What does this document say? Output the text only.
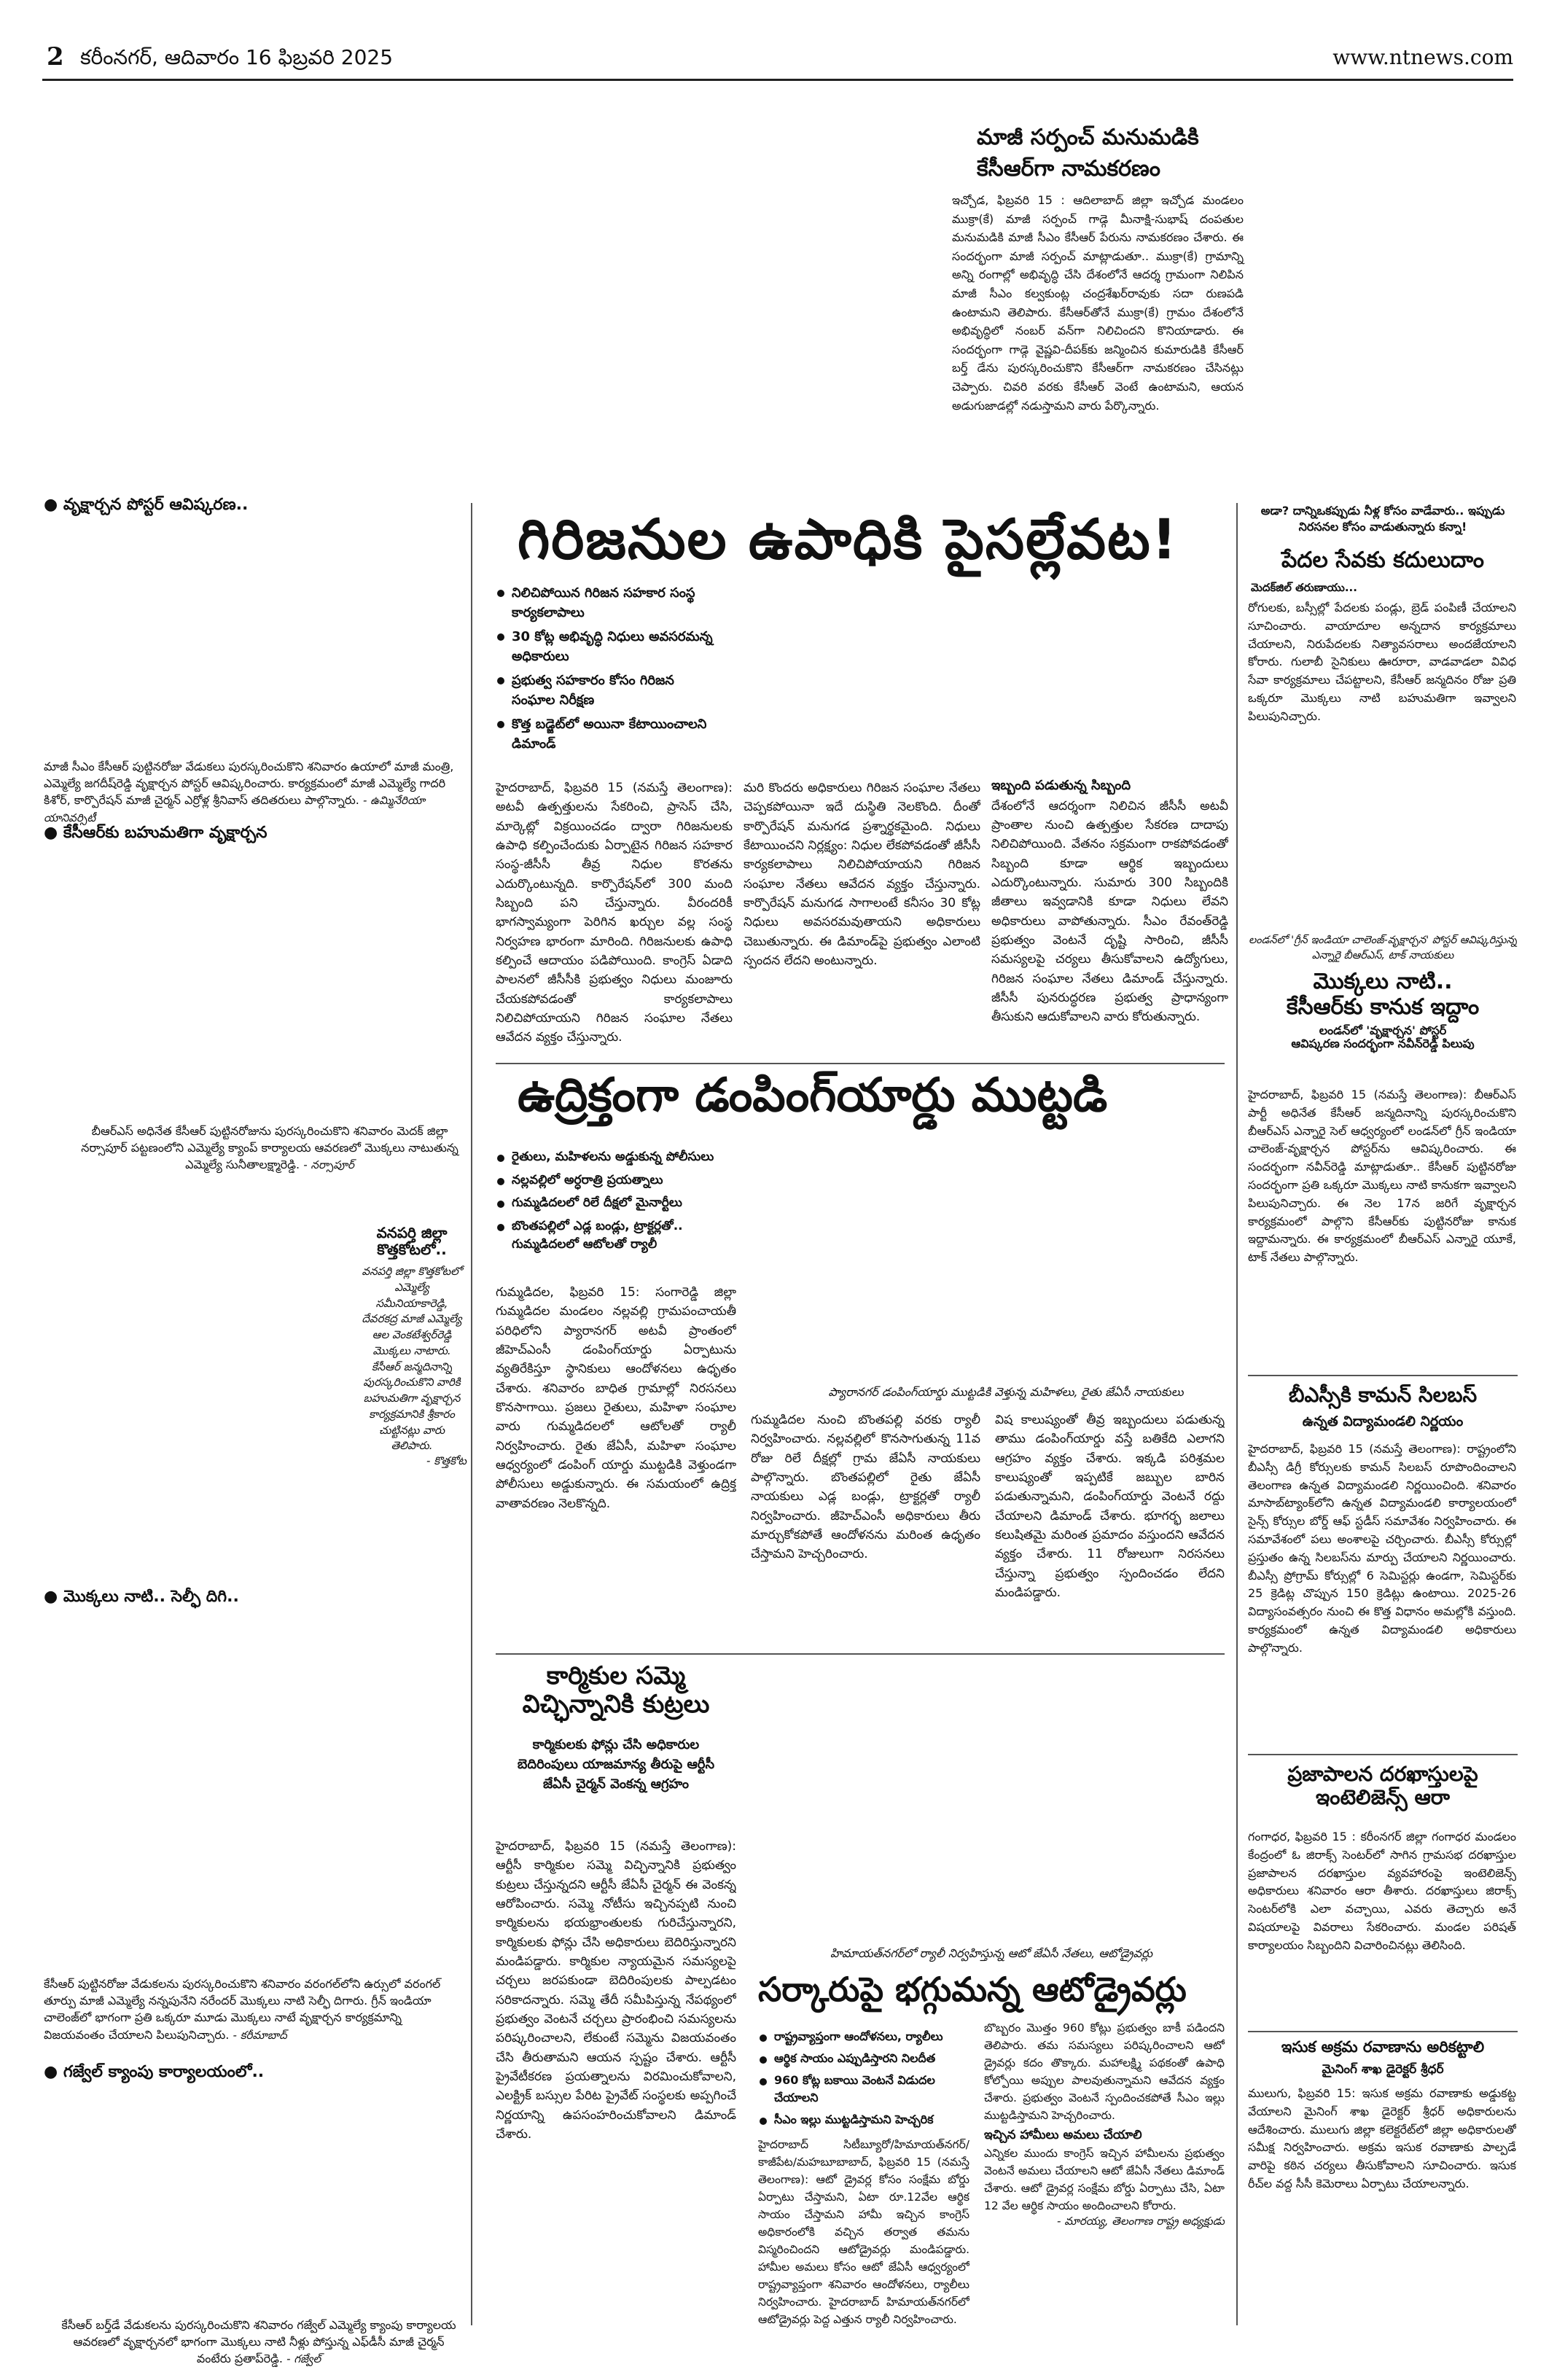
2 కరీంనగర్, ఆదివారం 16 ఫిబ్రవరి 2025	www.ntnews.com
మాజీ సర్పంచ్ మనుమడికి
కేసీఆర్‌గా నామకరణం
ఇచ్చోడ, ఫిబ్రవరి 15 : ఆదిలాబాద్ జిల్లా ఇచ్చోడ మండలం ముక్రా(కే) మాజీ సర్పంచ్ గాడ్గె మీనాక్షి-సుభాష్ దంపతుల మనుమడికి మాజీ సీఎం కేసీఆర్ పేరును నామకరణం చేశారు. ఈ సందర్భంగా మాజీ సర్పంచ్ మాట్లాడుతూ.. ముక్రా(కే) గ్రామాన్ని అన్ని రంగాల్లో అభివృద్ధి చేసి దేశంలోనే ఆదర్శ గ్రామంగా నిలిపిన మాజీ సీఎం కల్వకుంట్ల చంద్రశేఖర్‌రావుకు సదా రుణపడి ఉంటామని తెలిపారు. కేసీఆర్‌తోనే ముక్రా(కే) గ్రామం దేశంలోనే అభివృద్ధిలో నంబర్ వన్‌గా నిలిచిందని కొనియాడారు. ఈ సందర్భంగా గాడ్గె వైష్ణవి-దీపక్‌కు జన్మించిన కుమారుడికి కేసీఆర్ బర్త్ డేను పురస్కరించుకొని కేసీఆర్‌గా నామకరణం చేసినట్లు చెప్పారు. చివరి వరకు కేసీఆర్ వెంటే ఉంటామని, ఆయన అడుగుజాడల్లో నడుస్తామని వారు పేర్కొన్నారు.
● వృక్షార్చన పోస్టర్ ఆవిష్కరణ..
మాజీ సీఎం కేసీఆర్ పుట్టినరోజు వేడుకలు పురస్కరించుకొని శనివారం ఉయాలో మాజీ మంత్రి, ఎమ్మెల్యే జగదీష్‌రెడ్డి వృక్షార్చన పోస్టర్ ఆవిష్కరించారు. కార్యక్రమంలో మాజీ ఎమ్మెల్యే గాదరి కిశోర్, కార్పొరేషన్ మాజీ చైర్మన్ ఎర్రోళ్ల శ్రీనివాస్ తదితరులు పాల్గొన్నారు. - ఉమ్మినేరియా యానివర్సిటీ
● కేసీఆర్‌కు బహుమతిగా వృక్షార్చన
బీఆర్‌ఎస్ అధినేత కేసీఆర్ పుట్టినరోజును పురస్కరించుకొని శనివారం మెదక్ జిల్లా నర్సాపూర్ పట్టణంలోని ఎమ్మెల్యే క్యాంప్ కార్యాలయ ఆవరణలో మొక్కలు నాటుతున్న ఎమ్మెల్యే సునీతాలక్ష్మారెడ్డి. - నర్సాపూర్
వనపర్తి జిల్లా
కొత్తకోటలో..
వనపర్తి జిల్లా కొత్తకోటలో ఎమ్మెల్యే సమీనియాకారెడ్డి, దేవరకద్ర మాజీ ఎమ్మెల్యే ఆల వెంకటేశ్వర్‌రెడ్డి మొక్కలు నాటారు. కేసీఆర్ జన్మదినాన్ని పురస్కరించుకొని వారికి బహుమతిగా వృక్షార్చన కార్యక్రమానికి శ్రీకారం చుట్టినట్లు వారు తెలిపారు.
- కొత్తకోట
● మొక్కలు నాటి.. సెల్ఫీ దిగి..
కేసీఆర్ పుట్టినరోజు వేడుకలను పురస్కరించుకొని శనివారం వరంగల్‌లోని ఉర్సులో వరంగల్ తూర్పు మాజీ ఎమ్మెల్యే నన్నపునేని నరేందర్ మొక్కలు నాటి సెల్ఫీ దిగారు. గ్రీన్ ఇండియా చాలెంజ్‌లో భాగంగా ప్రతి ఒక్కరూ మూడు మొక్కలు నాటే వృక్షార్చన కార్యక్రమాన్ని విజయవంతం చేయాలని పిలుపునిచ్చారు. - కరీమాబాద్
● గజ్వేల్ క్యాంపు కార్యాలయంలో..
కేసీఆర్ బర్త్‌డే వేడుకలను పురస్కరించుకొని శనివారం గజ్వేల్ ఎమ్మెల్యే క్యాంపు కార్యాలయ ఆవరణలో వృక్షార్చనలో భాగంగా మొక్కలు నాటి నీళ్లు పోస్తున్న ఎఫ్‌డీసీ మాజీ చైర్మన్ వంటేరు ప్రతాప్‌రెడ్డి. - గజ్వేల్
గిరిజనుల ఉపాధికి పైసల్లేవట!
నిలిచిపోయిన గిరిజన సహకార సంస్థ కార్యకలాపాలు
30 కోట్ల అభివృద్ధి నిధులు అవసరమన్న అధికారులు
ప్రభుత్వ సహకారం కోసం గిరిజన సంఘాల నిరీక్షణ
కొత్త బడ్జెట్‌లో అయినా కేటాయించాలని డిమాండ్
హైదరాబాద్, ఫిబ్రవరి 15 (నమస్తే తెలంగాణ): అటవీ ఉత్పత్తులను సేకరించి, ప్రాసెస్ చేసి, మార్కెట్లో విక్రయించడం ద్వారా గిరిజనులకు ఉపాధి కల్పించేందుకు ఏర్పాటైన గిరిజన సహకార సంస్థ-జీసీసీ తీవ్ర నిధుల కొరతను ఎదుర్కొంటున్నది. కార్పొరేషన్‌లో 300 మంది సిబ్బంది పని చేస్తున్నారు. వీరందరికీ భాగస్వామ్యంగా పెరిగిన ఖర్చుల వల్ల సంస్థ నిర్వహణ భారంగా మారింది. గిరిజనులకు ఉపాధి కల్పించే ఆదాయం పడిపోయింది. కాంగ్రెస్ ఏడాది పాలనలో జీసీసీకి ప్రభుత్వం నిధులు మంజూరు చేయకపోవడంతో కార్యకలాపాలు నిలిచిపోయాయని గిరిజన సంఘాల నేతలు ఆవేదన వ్యక్తం చేస్తున్నారు.
మరి కొందరు అధికారులు గిరిజన సంఘాల నేతలు చెప్పకపోయినా ఇదే దుస్థితి నెలకొంది. దీంతో కార్పొరేషన్ మనుగడ ప్రశ్నార్థకమైంది. నిధులు కేటాయించని నిర్లక్ష్యం: నిధుల లేకపోవడంతో జీసీసీ కార్యకలాపాలు నిలిచిపోయాయని గిరిజన సంఘాల నేతలు ఆవేదన వ్యక్తం చేస్తున్నారు. కార్పొరేషన్ మనుగడ సాగాలంటే కనీసం 30 కోట్ల నిధులు అవసరమవుతాయని అధికారులు చెబుతున్నారు. ఈ డిమాండ్‌పై ప్రభుత్వం ఎలాంటి స్పందన లేదని అంటున్నారు.
ఇబ్బంది పడుతున్న సిబ్బంది
దేశంలోనే ఆదర్శంగా నిలిచిన జీసీసీ అటవీ ప్రాంతాల నుంచి ఉత్పత్తుల సేకరణ దాదాపు నిలిచిపోయింది. వేతనం సక్రమంగా రాకపోవడంతో సిబ్బంది కూడా ఆర్థిక ఇబ్బందులు ఎదుర్కొంటున్నారు. సుమారు 300 సిబ్బందికి జీతాలు ఇవ్వడానికి కూడా నిధులు లేవని అధికారులు వాపోతున్నారు. సీఎం రేవంత్‌రెడ్డి ప్రభుత్వం వెంటనే దృష్టి సారించి, జీసీసీ సమస్యలపై చర్యలు తీసుకోవాలని ఉద్యోగులు, గిరిజన సంఘాల నేతలు డిమాండ్ చేస్తున్నారు. జీసీసీ పునరుద్ధరణ ప్రభుత్వ ప్రాధాన్యంగా తీసుకుని ఆదుకోవాలని వారు కోరుతున్నారు.
ఉద్రిక్తంగా డంపింగ్‌యార్డు ముట్టడి
రైతులు, మహిళలను అడ్డుకున్న పోలీసులు
నల్లవల్లిలో అర్ధరాత్రి ప్రయత్నాలు
గుమ్మడిదలలో రిలే దీక్షలో మైనార్టీలు
బొంతపల్లిలో ఎడ్ల బండ్లు, ట్రాక్టర్లతో.. గుమ్మడిదలలో ఆటోలతో ర్యాలీ
ప్యారానగర్ డంపింగ్‌యార్డు ముట్టడికి వెళ్తున్న మహిళలు, రైతు జేఏసీ నాయకులు
గుమ్మడిదల, ఫిబ్రవరి 15: సంగారెడ్డి జిల్లా గుమ్మడిదల మండలం నల్లవల్లి గ్రామపంచాయతీ పరిధిలోని ప్యారానగర్ అటవీ ప్రాంతంలో జీహెచ్‌ఎంసీ డంపింగ్‌యార్డు ఏర్పాటును వ్యతిరేకిస్తూ స్థానికులు ఆందోళనలు ఉధృతం చేశారు. శనివారం బాధిత గ్రామాల్లో నిరసనలు కొనసాగాయి. ప్రజలు రైతులు, మహిళా సంఘాల వారు గుమ్మడిదలలో ఆటోలతో ర్యాలీ నిర్వహించారు. రైతు జేఏసీ, మహిళా సంఘాల ఆధ్వర్యంలో డంపింగ్ యార్డు ముట్టడికి వెళ్తుండగా పోలీసులు అడ్డుకున్నారు. ఈ సమయంలో ఉద్రిక్త వాతావరణం నెలకొన్నది.
గుమ్మడిదల నుంచి బొంతపల్లి వరకు ర్యాలీ నిర్వహించారు. నల్లవల్లిలో కొనసాగుతున్న 11వ రోజు రిలే దీక్షల్లో గ్రామ జేఏసీ నాయకులు పాల్గొన్నారు. బొంతపల్లిలో రైతు జేఏసీ నాయకులు ఎడ్ల బండ్లు, ట్రాక్టర్లతో ర్యాలీ నిర్వహించారు. జీహెచ్‌ఎంసీ అధికారులు తీరు మార్చుకోకపోతే ఆందోళనను మరింత ఉధృతం చేస్తామని హెచ్చరించారు.
విష కాలుష్యంతో తీవ్ర ఇబ్బందులు పడుతున్న తాము డంపింగ్‌యార్డు వస్తే బతికేది ఎలాగని ఆగ్రహం వ్యక్తం చేశారు. ఇక్కడి పరిశ్రమల కాలుష్యంతో ఇప్పటికే జబ్బుల బారిన పడుతున్నామని, డంపింగ్‌యార్డు వెంటనే రద్దు చేయాలని డిమాండ్ చేశారు. భూగర్భ జలాలు కలుషితమై మరింత ప్రమాదం వస్తుందని ఆవేదన వ్యక్తం చేశారు. 11 రోజులుగా నిరసనలు చేస్తున్నా ప్రభుత్వం స్పందించడం లేదని మండిపడ్డారు.
కార్మికుల సమ్మె
విచ్ఛిన్నానికి కుట్రలు
కార్మికులకు ఫోన్లు చేసి అధికారుల బెదిరింపులు యాజమాన్య తీరుపై ఆర్టీసీ జేఏసీ చైర్మన్ వెంకన్న ఆగ్రహం
హైదరాబాద్, ఫిబ్రవరి 15 (నమస్తే తెలంగాణ): ఆర్టీసీ కార్మికుల సమ్మె విచ్ఛిన్నానికి ప్రభుత్వం కుట్రలు చేస్తున్నదని ఆర్టీసీ జేఏసీ చైర్మన్ ఈ వెంకన్న ఆరోపించారు. సమ్మె నోటీసు ఇచ్చినప్పటి నుంచి కార్మికులను భయభ్రాంతులకు గురిచేస్తున్నారని, కార్మికులకు ఫోన్లు చేసి అధికారులు బెదిరిస్తున్నారని మండిపడ్డారు. కార్మికుల న్యాయమైన సమస్యలపై చర్చలు జరపకుండా బెదిరింపులకు పాల్పడటం సరికాదన్నారు. సమ్మె తేదీ సమీపిస్తున్న నేపథ్యంలో ప్రభుత్వం వెంటనే చర్చలు ప్రారంభించి సమస్యలను పరిష్కరించాలని, లేకుంటే సమ్మెను విజయవంతం చేసి తీరుతామని ఆయన స్పష్టం చేశారు. ఆర్టీసీ ప్రైవేటీకరణ ప్రయత్నాలను విరమించుకోవాలని, ఎలక్ట్రిక్ బస్సుల పేరిట ప్రైవేట్ సంస్థలకు అప్పగించే నిర్ణయాన్ని ఉపసంహరించుకోవాలని డిమాండ్ చేశారు.
హిమాయత్‌నగర్‌లో ర్యాలీ నిర్వహిస్తున్న ఆటో జేఏసీ నేతలు, ఆటోడ్రైవర్లు
సర్కారుపై భగ్గుమన్న ఆటోడ్రైవర్లు
రాష్ట్రవ్యాప్తంగా ఆందోళనలు, ర్యాలీలు
ఆర్థిక సాయం ఎప్పుడిస్తారని నిలదీత
960 కోట్ల బకాయి వెంటనే విడుదల చేయాలని
సీఎం ఇల్లు ముట్టడిస్తామని హెచ్చరిక
హైదరాబాద్ సిటీబ్యూరో/హిమాయత్‌నగర్/కాజీపేట/మహబూబాబాద్, ఫిబ్రవరి 15 (నమస్తే తెలంగాణ): ఆటో డ్రైవర్ల కోసం సంక్షేమ బోర్డు ఏర్పాటు చేస్తామని, ఏటా రూ.12వేల ఆర్థిక సాయం చేస్తామని హామీ ఇచ్చిన కాంగ్రెస్ అధికారంలోకి వచ్చిన తర్వాత తమను విస్మరించిందని ఆటోడ్రైవర్లు మండిపడ్డారు. హామీల అమలు కోసం ఆటో జేఏసీ ఆధ్వర్యంలో రాష్ట్రవ్యాప్తంగా శనివారం ఆందోళనలు, ర్యాలీలు నిర్వహించారు. హైదరాబాద్ హిమాయత్‌నగర్‌లో ఆటోడ్రైవర్లు పెద్ద ఎత్తున ర్యాలీ నిర్వహించారు.
బొబ్బరం మొత్తం 960 కోట్లు ప్రభుత్వం బాకీ పడిందని తెలిపారు. తమ సమస్యలు పరిష్కరించాలని ఆటో డ్రైవర్లు కదం తొక్కారు. మహాలక్ష్మి పథకంతో ఉపాధి కోల్పోయి అప్పుల పాలవుతున్నామని ఆవేదన వ్యక్తం చేశారు. ప్రభుత్వం వెంటనే స్పందించకపోతే సీఎం ఇల్లు ముట్టడిస్తామని హెచ్చరించారు.
ఇచ్చిన హామీలు అమలు చేయాలి
ఎన్నికల ముందు కాంగ్రెస్ ఇచ్చిన హామీలను ప్రభుత్వం వెంటనే అమలు చేయాలని ఆటో జేఏసీ నేతలు డిమాండ్ చేశారు. ఆటో డ్రైవర్ల సంక్షేమ బోర్డు ఏర్పాటు చేసి, ఏటా 12 వేల ఆర్థిక సాయం అందించాలని కోరారు.
- మారయ్య, తెలంగాణ రాష్ట్ర అధ్యక్షుడు
అడా? దాన్నిఒకప్పుడు నీళ్ల కోసం వాడేవారు.. ఇప్పుడు నిరసనల కోసం వాడుతున్నారు కన్నా!
పేదల సేవకు కదులుదాం
మెదక్‌జిల్ తరుణాయు...
రోగులకు, బస్సీల్లో పేదలకు పండ్లు, బ్రెడ్ పంపిణీ చేయాలని సూచించారు. వాయాదూల అన్నదాన కార్యక్రమాలు చేయాలని, నిరుపేదలకు నిత్యావసరాలు అందజేయాలని కోరారు. గులాబీ సైనికులు ఊరూరా, వాడవాడలా వివిధ సేవా కార్యక్రమాలు చేపట్టాలని, కేసీఆర్ జన్మదినం రోజు ప్రతి ఒక్కరూ మొక్కలు నాటి బహుమతిగా ఇవ్వాలని పిలుపునిచ్చారు.
లండన్‌లో 'గ్రీన్ ఇండియా చాలెంజ్-వృక్షార్చన' పోస్టర్ ఆవిష్కరిస్తున్న ఎన్నారై బీఆర్‌ఎస్, టాక్ నాయకులు
మొక్కలు నాటి..
కేసీఆర్‌కు కానుక ఇద్దాం
లండన్‌లో 'వృక్షార్చన' పోస్టర్
ఆవిష్కరణ సందర్భంగా నవీన్‌రెడ్డి పిలుపు
హైదరాబాద్, ఫిబ్రవరి 15 (నమస్తే తెలంగాణ): బీఆర్‌ఎస్ పార్టీ అధినేత కేసీఆర్ జన్మదినాన్ని పురస్కరించుకొని బీఆర్‌ఎస్ ఎన్నారై సెల్ ఆధ్వర్యంలో లండన్‌లో గ్రీన్ ఇండియా చాలెంజ్-వృక్షార్చన పోస్టర్‌ను ఆవిష్కరించారు. ఈ సందర్భంగా నవీన్‌రెడ్డి మాట్లాడుతూ.. కేసీఆర్ పుట్టినరోజు సందర్భంగా ప్రతి ఒక్కరూ మొక్కలు నాటి కానుకగా ఇవ్వాలని పిలుపునిచ్చారు. ఈ నెల 17న జరిగే వృక్షార్చన కార్యక్రమంలో పాల్గొని కేసీఆర్‌కు పుట్టినరోజు కానుక ఇద్దామన్నారు. ఈ కార్యక్రమంలో బీఆర్‌ఎస్ ఎన్నారై యూకే, టాక్ నేతలు పాల్గొన్నారు.
బీఎస్సీకి కామన్ సిలబస్
ఉన్నత విద్యామండలి నిర్ణయం
హైదరాబాద్, ఫిబ్రవరి 15 (నమస్తే తెలంగాణ): రాష్ట్రంలోని బీఎస్సీ డిగ్రీ కోర్సులకు కామన్ సిలబస్ రూపొందించాలని తెలంగాణ ఉన్నత విద్యామండలి నిర్ణయించింది. శనివారం మాసాబ్‌ట్యాంక్‌లోని ఉన్నత విద్యామండలి కార్యాలయంలో సైన్స్ కోర్సుల బోర్డ్ ఆఫ్ స్టడీస్ సమావేశం నిర్వహించారు. ఈ సమావేశంలో పలు అంశాలపై చర్చించారు. బీఎస్సీ కోర్సుల్లో ప్రస్తుతం ఉన్న సిలబస్‌ను మార్పు చేయాలని నిర్ణయించారు. బీఎస్సీ ప్రోగ్రామ్ కోర్సుల్లో 6 సెమిస్టర్లు ఉండగా, సెమిస్టర్‌కు 25 క్రెడిట్ల చొప్పున 150 క్రెడిట్లు ఉంటాయి. 2025-26 విద్యాసంవత్సరం నుంచి ఈ కొత్త విధానం అమల్లోకి వస్తుంది. కార్యక్రమంలో ఉన్నత విద్యామండలి అధికారులు పాల్గొన్నారు.
ప్రజాపాలన దరఖాస్తులపై
ఇంటెలిజెన్స్ ఆరా
గంగాధర, ఫిబ్రవరి 15 : కరీంనగర్ జిల్లా గంగాధర మండలం కేంద్రంలో ఓ జిరాక్స్ సెంటర్‌లో సాగిన గ్రామసభ దరఖాస్తుల ప్రజాపాలన దరఖాస్తుల వ్యవహారంపై ఇంటెలిజెన్స్ అధికారులు శనివారం ఆరా తీశారు. దరఖాస్తులు జిరాక్స్ సెంటర్‌లోకి ఎలా వచ్చాయి, ఎవరు తెచ్చారు అనే విషయాలపై వివరాలు సేకరించారు. మండల పరిషత్ కార్యాలయం సిబ్బందిని విచారించినట్లు తెలిసింది.
ఇసుక అక్రమ రవాణాను అరికట్టాలి
మైనింగ్ శాఖ డైరెక్టర్ శ్రీధర్
ములుగు, ఫిబ్రవరి 15: ఇసుక అక్రమ రవాణాకు అడ్డుకట్ట వేయాలని మైనింగ్ శాఖ డైరెక్టర్ శ్రీధర్ అధికారులను ఆదేశించారు. ములుగు జిల్లా కలెక్టరేట్‌లో జిల్లా అధికారులతో సమీక్ష నిర్వహించారు. అక్రమ ఇసుక రవాణాకు పాల్పడే వారిపై కఠిన చర్యలు తీసుకోవాలని సూచించారు. ఇసుక రీచ్‌ల వద్ద సీసీ కెమెరాలు ఏర్పాటు చేయాలన్నారు.
